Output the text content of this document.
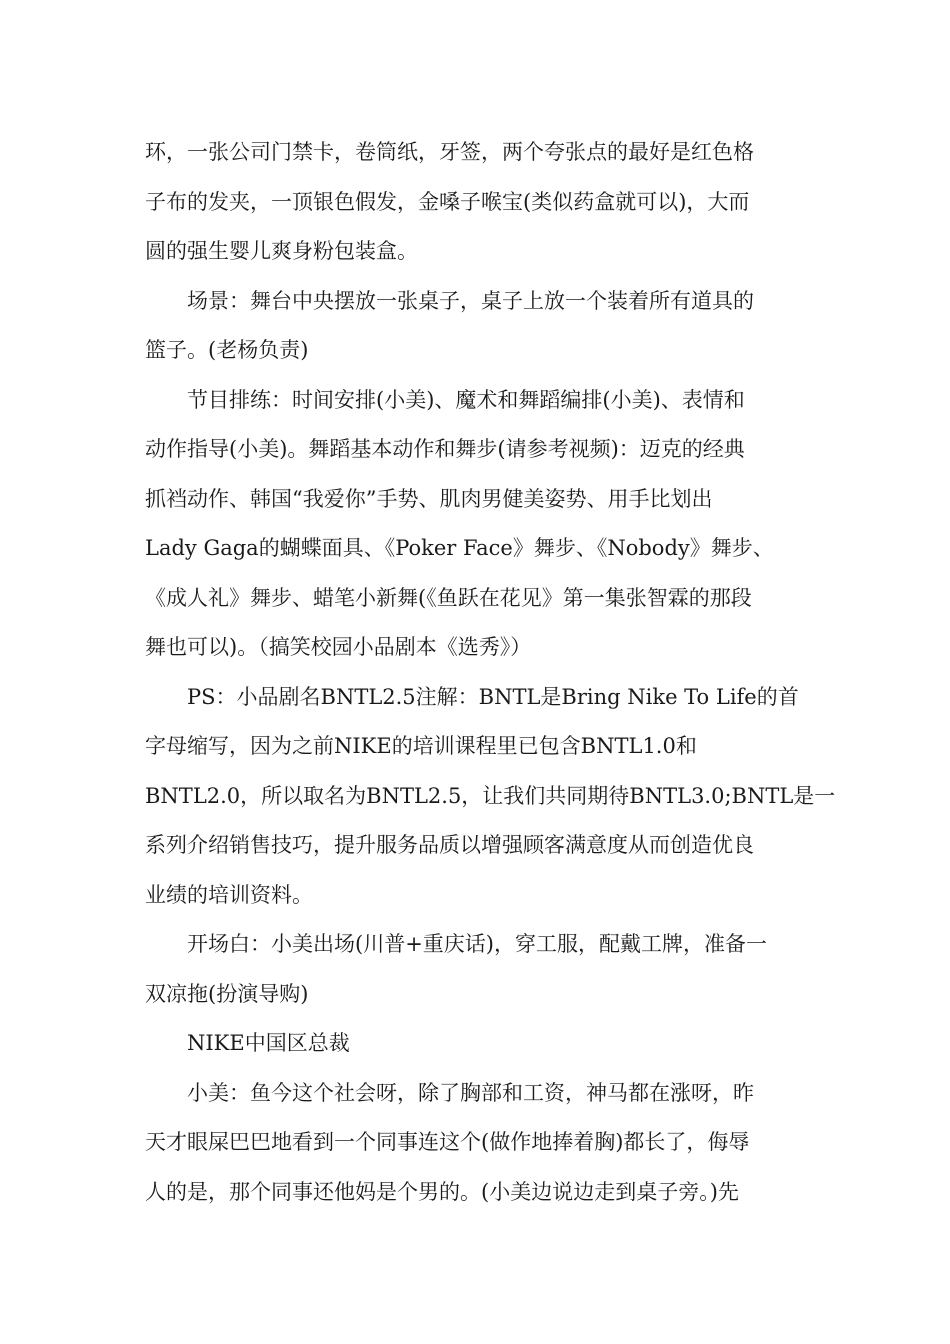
环，一张公司门禁卡，卷筒纸，牙签，两个夸张点的最好是红色格
子布的发夹，一顶银色假发，金嗓子喉宝(类似药盒就可以)，大而
圆的强生婴儿爽身粉包装盒。
场景：舞台中央摆放一张桌子，桌子上放一个装着所有道具的
篮子。(老杨负责)
节目排练：时间安排(小美)、魔术和舞蹈编排(小美)、表情和
动作指导(小美)。舞蹈基本动作和舞步(请参考视频)：迈克的经典
抓裆动作、韩国“我爱你”手势、肌肉男健美姿势、用手比划出
Lady Gaga的蝴蝶面具、《Poker Face》舞步、《Nobody》舞步、
《成人礼》舞步、蜡笔小新舞(《鱼跃在花见》第一集张智霖的那段
舞也可以)。（搞笑校园小品剧本《选秀》）
PS：小品剧名BNTL2.5注解：BNTL是Bring Nike To Life的首
字母缩写，因为之前NIKE的培训课程里已包含BNTL1.0和
BNTL2.0，所以取名为BNTL2.5，让我们共同期待BNTL3.0;BNTL是一
系列介绍销售技巧，提升服务品质以增强顾客满意度从而创造优良
业绩的培训资料。
开场白：小美出场(川普+重庆话)，穿工服，配戴工牌，准备一
双凉拖(扮演导购)
NIKE中国区总裁
小美：鱼今这个社会呀，除了胸部和工资，神马都在涨呀，昨
天才眼屎巴巴地看到一个同事连这个(做作地捧着胸)都长了，侮辱
人的是，那个同事还他妈是个男的。(小美边说边走到桌子旁。)先
